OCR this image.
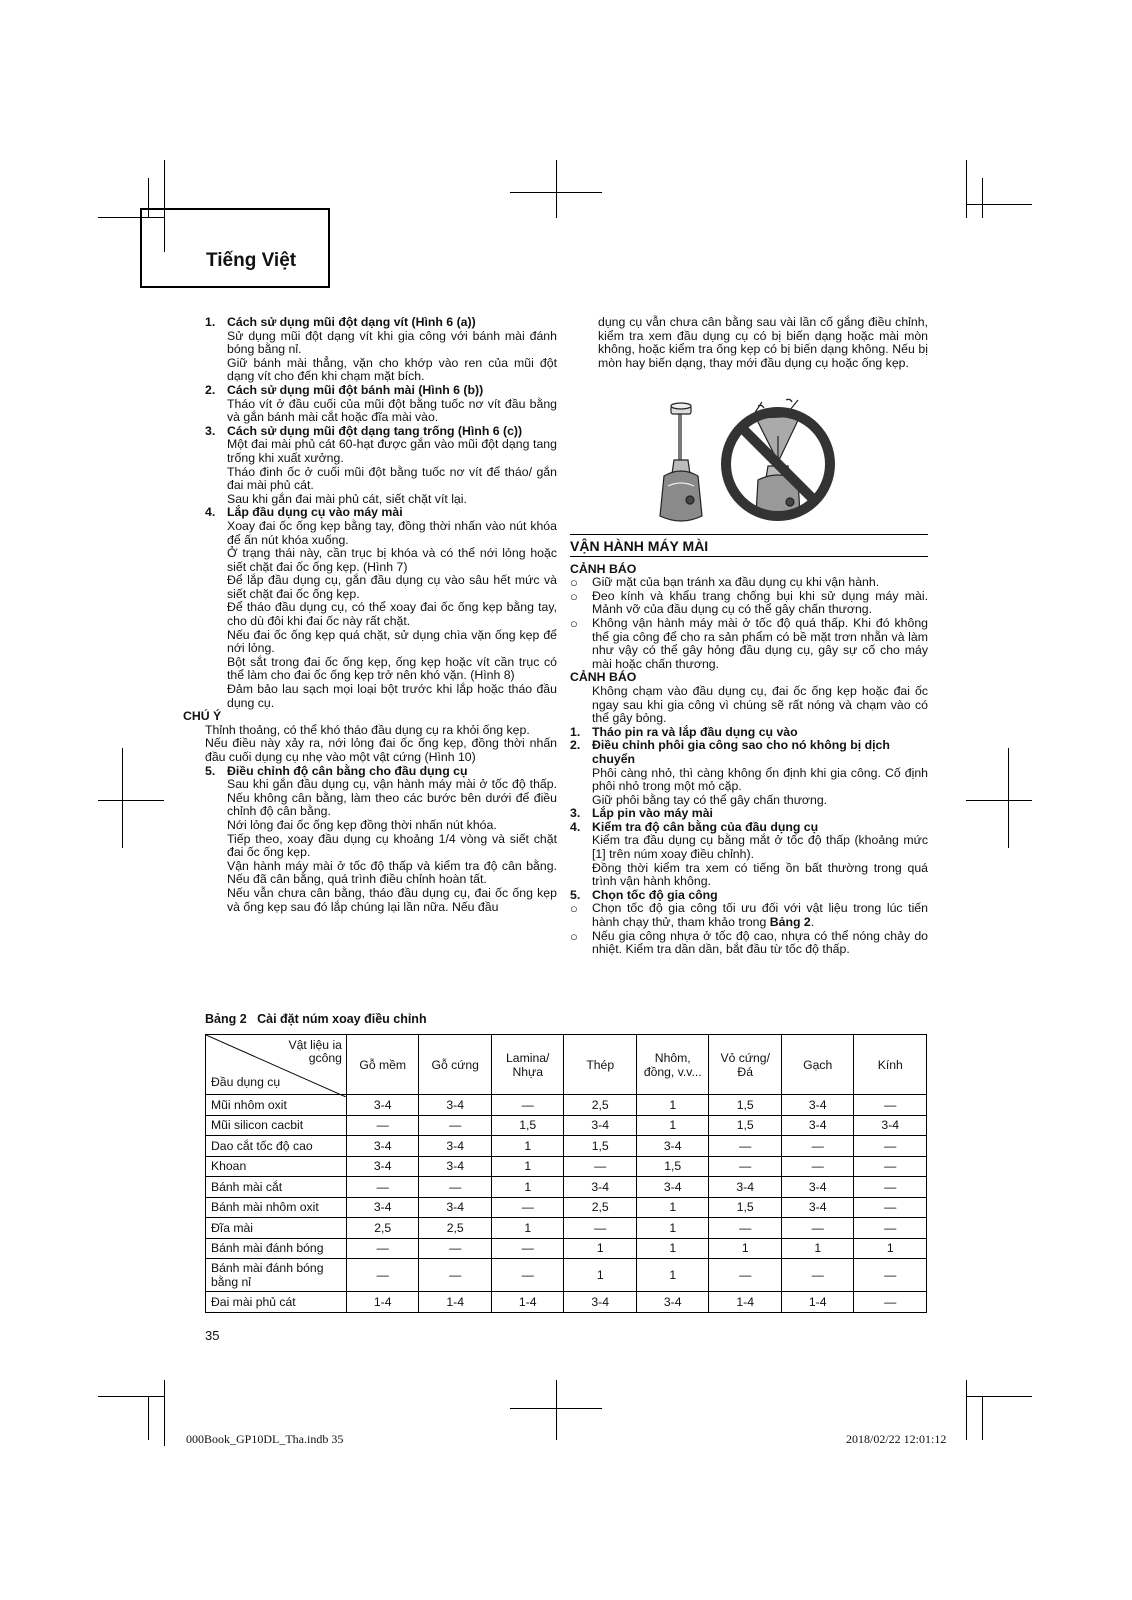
Tiếng Việt
1. Cách sử dụng mũi đột dạng vít (Hình 6 (a))

Sử dụng mũi đột dạng vít khi gia công với bánh mài đánh bóng bằng nỉ.

Giữ bánh mài thẳng, vặn cho khớp vào ren của mũi đột dạng vít cho đến khi chạm mặt bích.

2. Cách sử dụng mũi đột bánh mài (Hình 6 (b))

Tháo vít ở đầu cuối của mũi đột bằng tuốc nơ vít đầu bằng và gắn bánh mài cắt hoặc đĩa mài vào.

3. Cách sử dụng mũi đột dạng tang trống (Hình 6 (c))

Một đai mài phủ cát 60-hạt được gắn vào mũi đột dạng tang trống khi xuất xưởng.

Tháo đinh ốc ở cuối mũi đột bằng tuốc nơ vít để tháo/ gắn đai mài phủ cát.

Sau khi gắn đai mài phủ cát, siết chặt vít lại.

4. Lắp đầu dụng cụ vào máy mài

Xoay đai ốc ống kẹp bằng tay, đồng thời nhấn vào nút khóa để ấn nút khóa xuống.

Ở trạng thái này, cần trục bị khóa và có thể nới lỏng hoặc siết chặt đai ốc ống kẹp. (Hình 7)

Để lắp đầu dụng cụ, gắn đầu dụng cụ vào sâu hết mức và siết chặt đai ốc ống kẹp.

Để tháo đầu dụng cụ, có thể xoay đai ốc ống kẹp bằng tay, cho dù đôi khi đai ốc này rất chặt.

Nếu đai ốc ống kẹp quá chặt, sử dụng chìa vặn ống kẹp để nới lỏng.

Bột sắt trong đai ốc ống kẹp, ống kẹp hoặc vít cần trục có thể làm cho đai ốc ống kẹp trở nên khó vặn. (Hình 8)

Đảm bảo lau sạch mọi loại bột trước khi lắp hoặc tháo đầu dụng cụ.

CHÚ Ý

Thỉnh thoảng, có thể khó tháo đầu dụng cụ ra khỏi ống kẹp.

Nếu điều này xảy ra, nới lỏng đai ốc ống kẹp, đồng thời nhấn đầu cuối dụng cụ nhẹ vào một vật cứng (Hình 10)

5. Điều chỉnh độ cân bằng cho đầu dụng cụ

Sau khi gắn đầu dụng cụ, vận hành máy mài ở tốc độ thấp. Nếu không cân bằng, làm theo các bước bên dưới để điều chỉnh độ cân bằng.

Nới lỏng đai ốc ống kẹp đồng thời nhấn nút khóa.

Tiếp theo, xoay đầu dụng cụ khoảng 1/4 vòng và siết chặt đai ốc ống kẹp.

Vận hành máy mài ở tốc độ thấp và kiểm tra độ cân bằng. Nếu đã cân bằng, quá trình điều chỉnh hoàn tất.

Nếu vẫn chưa cân bằng, tháo đầu dụng cụ, đai ốc ống kẹp và ống kẹp sau đó lắp chúng lại lần nữa. Nếu đầu

dụng cụ vẫn chưa cân bằng sau vài lần cố gắng điều chỉnh, kiểm tra xem đầu dụng cụ có bị biến dạng hoặc mài mòn không, hoặc kiểm tra ống kẹp có bị biến dạng không. Nếu bị mòn hay biến dạng, thay mới đầu dụng cụ hoặc ống kẹp.

VẬN HÀNH MÁY MÀI
CẢNH BÁO
○	Giữ mặt của bạn tránh xa đầu dụng cụ khi vận hành.
○	Đeo kính và khẩu trang chống bụi khi sử dụng máy mài. Mảnh vỡ của đầu dụng cụ có thể gây chấn thương.
○	Không vận hành máy mài ở tốc độ quá thấp. Khi đó không thể gia công để cho ra sản phẩm có bề mặt trơn nhẵn và làm như vậy có thể gây hỏng đầu dụng cụ, gây sự cố cho máy mài hoặc chấn thương.
CẢNH BÁO

Không chạm vào đầu dụng cụ, đai ốc ống kẹp hoặc đai ốc ngay sau khi gia công vì chúng sẽ rất nóng và chạm vào có thể gây bỏng.

1. Tháo pin ra và lắp đầu dụng cụ vào
2. Điều chỉnh phôi gia công sao cho nó không bị dịch chuyển

Phôi càng nhỏ, thì càng không ổn định khi gia công. Cố định phôi nhỏ trong một mỏ cặp.

Giữ phôi bằng tay có thể gây chấn thương.

3. Lắp pin vào máy mài
4. Kiểm tra độ cân bằng của đầu dụng cụ

Kiểm tra đầu dụng cụ bằng mắt ở tốc độ thấp (khoảng mức [1] trên núm xoay điều chỉnh).

Đồng thời kiểm tra xem có tiếng ồn bất thường trong quá trình vận hành không.

5. Chọn tốc độ gia công
○	Chọn tốc độ gia công tối ưu đối với vật liệu trong lúc tiến hành chạy thử, tham khảo trong Bảng 2.
○	Nếu gia công nhựa ở tốc độ cao, nhựa có thể nóng chảy do nhiệt. Kiểm tra dần dần, bắt đầu từ tốc độ thấp.
Bảng 2 Cài đặt núm xoay điều chỉnh
Vật liệu ia
gcông
Đầu dụng cụ	Gỗ mềm	Gỗ cứng	Lamina/ Nhựa	Thép	Nhôm, đồng, v.v...	Vỏ cứng/ Đá	Gạch	Kính
Mũi nhôm oxit	3-4	3-4	—	2,5	1	1,5	3-4	—
Mũi silicon cacbit	—	—	1,5	3-4	1	1,5	3-4	3-4
Dao cắt tốc độ cao	3-4	3-4	1	1,5	3-4	—	—	—
Khoan	3-4	3-4	1	—	1,5	—	—	—
Bánh mài cắt	—	—	1	3-4	3-4	3-4	3-4	—
Bánh mài nhôm oxit	3-4	3-4	—	2,5	1	1,5	3-4	—
Đĩa mài	2,5	2,5	1	—	1	—	—	—
Bánh mài đánh bóng	—	—	—	1	1	1	1	1
Bánh mài đánh bóng bằng nỉ	—	—	—	1	1	—	—	—
Đai mài phủ cát	1-4	1-4	1-4	3-4	3-4	1-4	1-4	—
35
000Book_GP10DL_Tha.indb 35	2018/02/22 12:01:12
